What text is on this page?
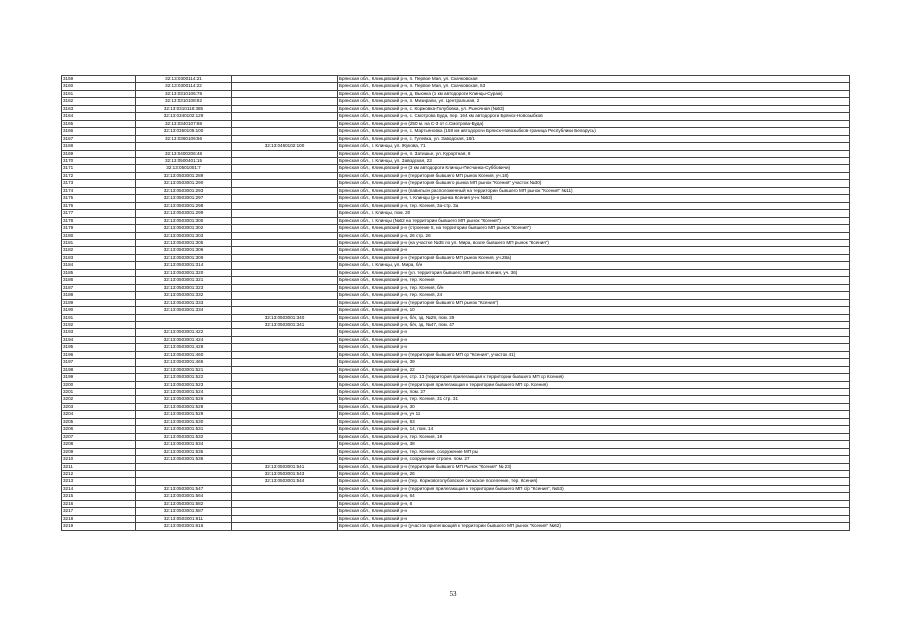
3159	32:13:0300114:21		Брянская обл., Клинцовский р-н, п. Первое Мая, ул. Скачковская
3160	32:13:0300114:22		Брянская обл., Клинцовский р-н, п. Первое Мая, ул. Скачковская, 53
3161	32:13:0310106:78		Брянская обл., Клинцовский р-н, д. Вьюнка (1 км автодороги Клинцы-Сураж)
3162	32:13:0310108:82		Брянская обл., Клинцовский р-н, п. Мизирапи, ул. Центральная, 2
3163	32:13:0310118:385		Брянская обл., Клинцовский р-н, с. Коржовка-Голубовка, ул. Рыночная (№53)
3164	32:13:0340102:129		Брянская обл., Клинцовский р-н, с. Смотрова Буда, пер. 164 км автодороги Брянск-Новозыбков
3165	32:13:0340107:88		Брянская обл., Клинцовский р-н (250 м. на С-3 от с.Смотрова-Буда)
3166	32:13:0350105:100		Брянская обл., Клинцовский р-н, с. Мартьяновка (158 км автодороги Брянск-Новозыбков-граница Республики Беларусь)
3167	32:13:0360106:56		Брянская обл., Клинцовский р-н, с. Гулевка, ул. Заводская, 18/1
3168		32:13:0450102:100	Брянская обл., г. Клинцы, ул. Жукова, 71
3169	32:13:0400206:48		Брянская обл., Клинцовский р-н, п. Затишье, ул. Курортная, 8
3170	32:13:0500401:15		Брянская обл., г. Клинцы, ул. Заводская, 23
3171	32:13:0501001:7		Брянская обл., Клинцовский р-н (3 км автодороги Клинцы-Песчанка-Суббовичи)
3172	32:13:0503001:289		Брянская обл., Клинцовский р-н (территория бывшего МП рынок Ксения, уч.18)
3173	32:13:0503001:290		Брянская обл., Клинцовский р-н (территория бывшего рынка МП рынок "Ксения" участок №30)
3174	32:13:0503001:293		Брянская обл., Клинцовский р-н (павильон расположенный на территории бывшего МП рынок "Ксения" №11)
3175	32:13:0503001:297		Брянская обл., Клинцовский р-н, г. Клинцы (р-н рынка Ксения уч-к №63)
3176	32:13:0503001:298		Брянская обл., Клинцовский р-н, тер. Ксения, 3а-стр. 3а
3177	32:13:0503001:299		Брянская обл., г. Клинцы, пом. 20
3178	32:13:0503001:300		Брянская обл., г. Клинцы (№62 на территории бывшего МП рынок "Ксения")
3179	32:13:0503001:302		Брянская обл., Клинцовский р-н (строение 5, на территории бывшего МП рынок "Ксения")
3180	32:13:0503001:303		Брянская обл., Клинцовский р-н, 26 стр. 26
3181	32:13:0503001:305		Брянская обл., Клинцовский р-н (на участке №35 по ул. Мира, возле бывшего МП рынок "Ксения")
3182	32:13:0503001:306		Брянская обл., Клинцовский р-н
3183	32:13:0503001:309		Брянская обл., Клинцовский р-н (территория бывшего МП рынок Ксения, уч.28а)
3184	32:13:0503001:314		Брянская обл., г. Клинцы, ул. Мира, б/н
3185	32:13:0503001:320		Брянская обл., Клинцовский р-н (ул. территория бывшего МП рынок Ксения, уч. 36)
3186	32:13:0503001:321		Брянская обл., Клинцовский р-н, тер. Ксения
3187	32:13:0503001:323		Брянская обл., Клинцовский р-н, тер. Ксения, б/н
3188	32:13:0503001:332		Брянская обл., Клинцовский р-н, тер. Ксения, 24
3189	32:13:0503001:333		Брянская обл., Клинцовский р-н (территория бывшего МП рынок "Ксения")
3190	32:13:0503001:334		Брянская обл., Клинцовский р-н, 10
3191		32:13:0503001:340	Брянская обл., Клинцовский р-н, б/н, зд. №29, пом. 29
3192		32:13:0503001:341	Брянская обл., Клинцовский р-н, б/н, зд. №47, пом. 47
3193	32:13:0503001:422		Брянская обл., Клинцовский р-н
3194	32:13:0503001:424		Брянская обл., Клинцовский р-н
3195	32:13:0503001:428		Брянская обл., Клинцовский р-н
3196	32:13:0503001:460		Брянская обл., Клинцовский р-н (территория бывшего МП ср "Ксения", участок 41)
3197	32:13:0503001:465		Брянская обл., Клинцовский р-н, 39
3198	32:13:0503001:521		Брянская обл., Клинцовский р-н, 22
3199	32:13:0503001:522		Брянская обл., Клинцовский р-н, стр. 13 (территория прилегающая к территории бывшего МП ср Ксения)
3200	32:13:0503001:523		Брянская обл., Клинцовский р-н (территория прилегающая к территории бывшего МП ср. Ксения)
3201	32:13:0503001:524		Брянская обл., Клинцовский р-н, пом. 27
3202	32:13:0503001:526		Брянская обл., Клинцовский р-н, тер. Ксения, 31 стр. 31
3203	32:13:0503001:528		Брянская обл., Клинцовский р-н, 30
3204	32:13:0503001:529		Брянская обл., Клинцовский р-н, уч 11
3205	32:13:0503001:530		Брянская обл., Клинцовский р-н, 63
3206	32:13:0503001:531		Брянская обл., Клинцовский р-н, 14, пом. 14
3207	32:13:0503001:532		Брянская обл., Клинцовский р-н, тер. Ксения, 19
3208	32:13:0503001:534		Брянская обл., Клинцовский р-н, 38
3209	32:13:0503001:535		Брянская обл., Клинцовский р-н, тер. Ксения, сооружение МП ры
3210	32:13:0503001:536		Брянская обл., Клинцовский р-н, сооружение строен. пом. 27
3211		32:13:0503001:541	Брянская обл., Клинцовский р-н (территория бывшего МП Рынок "Ксения" № 23)
3212		32:13:0503001:543	Брянская обл., Клинцовский р-н, 26
3213		32:13:0503001:544	Брянская обл., Клинцовский р-н (тер. Коржовоголубовское сельское поселение, тер. Ксения)
3214	32:13:0503001:547		Брянская обл., Клинцовский р-н (территория прилегающая к территории бывшего МП с/р "Ксения", №53)
3215	32:13:0503001:564		Брянская обл., Клинцовский р-н, 64
3216	32:13:0503001:582		Брянская обл., Клинцовский р-н, 6
3217	32:13:0503001:587		Брянская обл., Клинцовский р-н
3218	32:13:0503001:611		Брянская обл., Клинцовский р-н
3219	32:13:0503001:616		Брянская обл., Клинцовский р-н (участок прилегающий к территории бывшего МП рынок "Ксения" №62)
53
